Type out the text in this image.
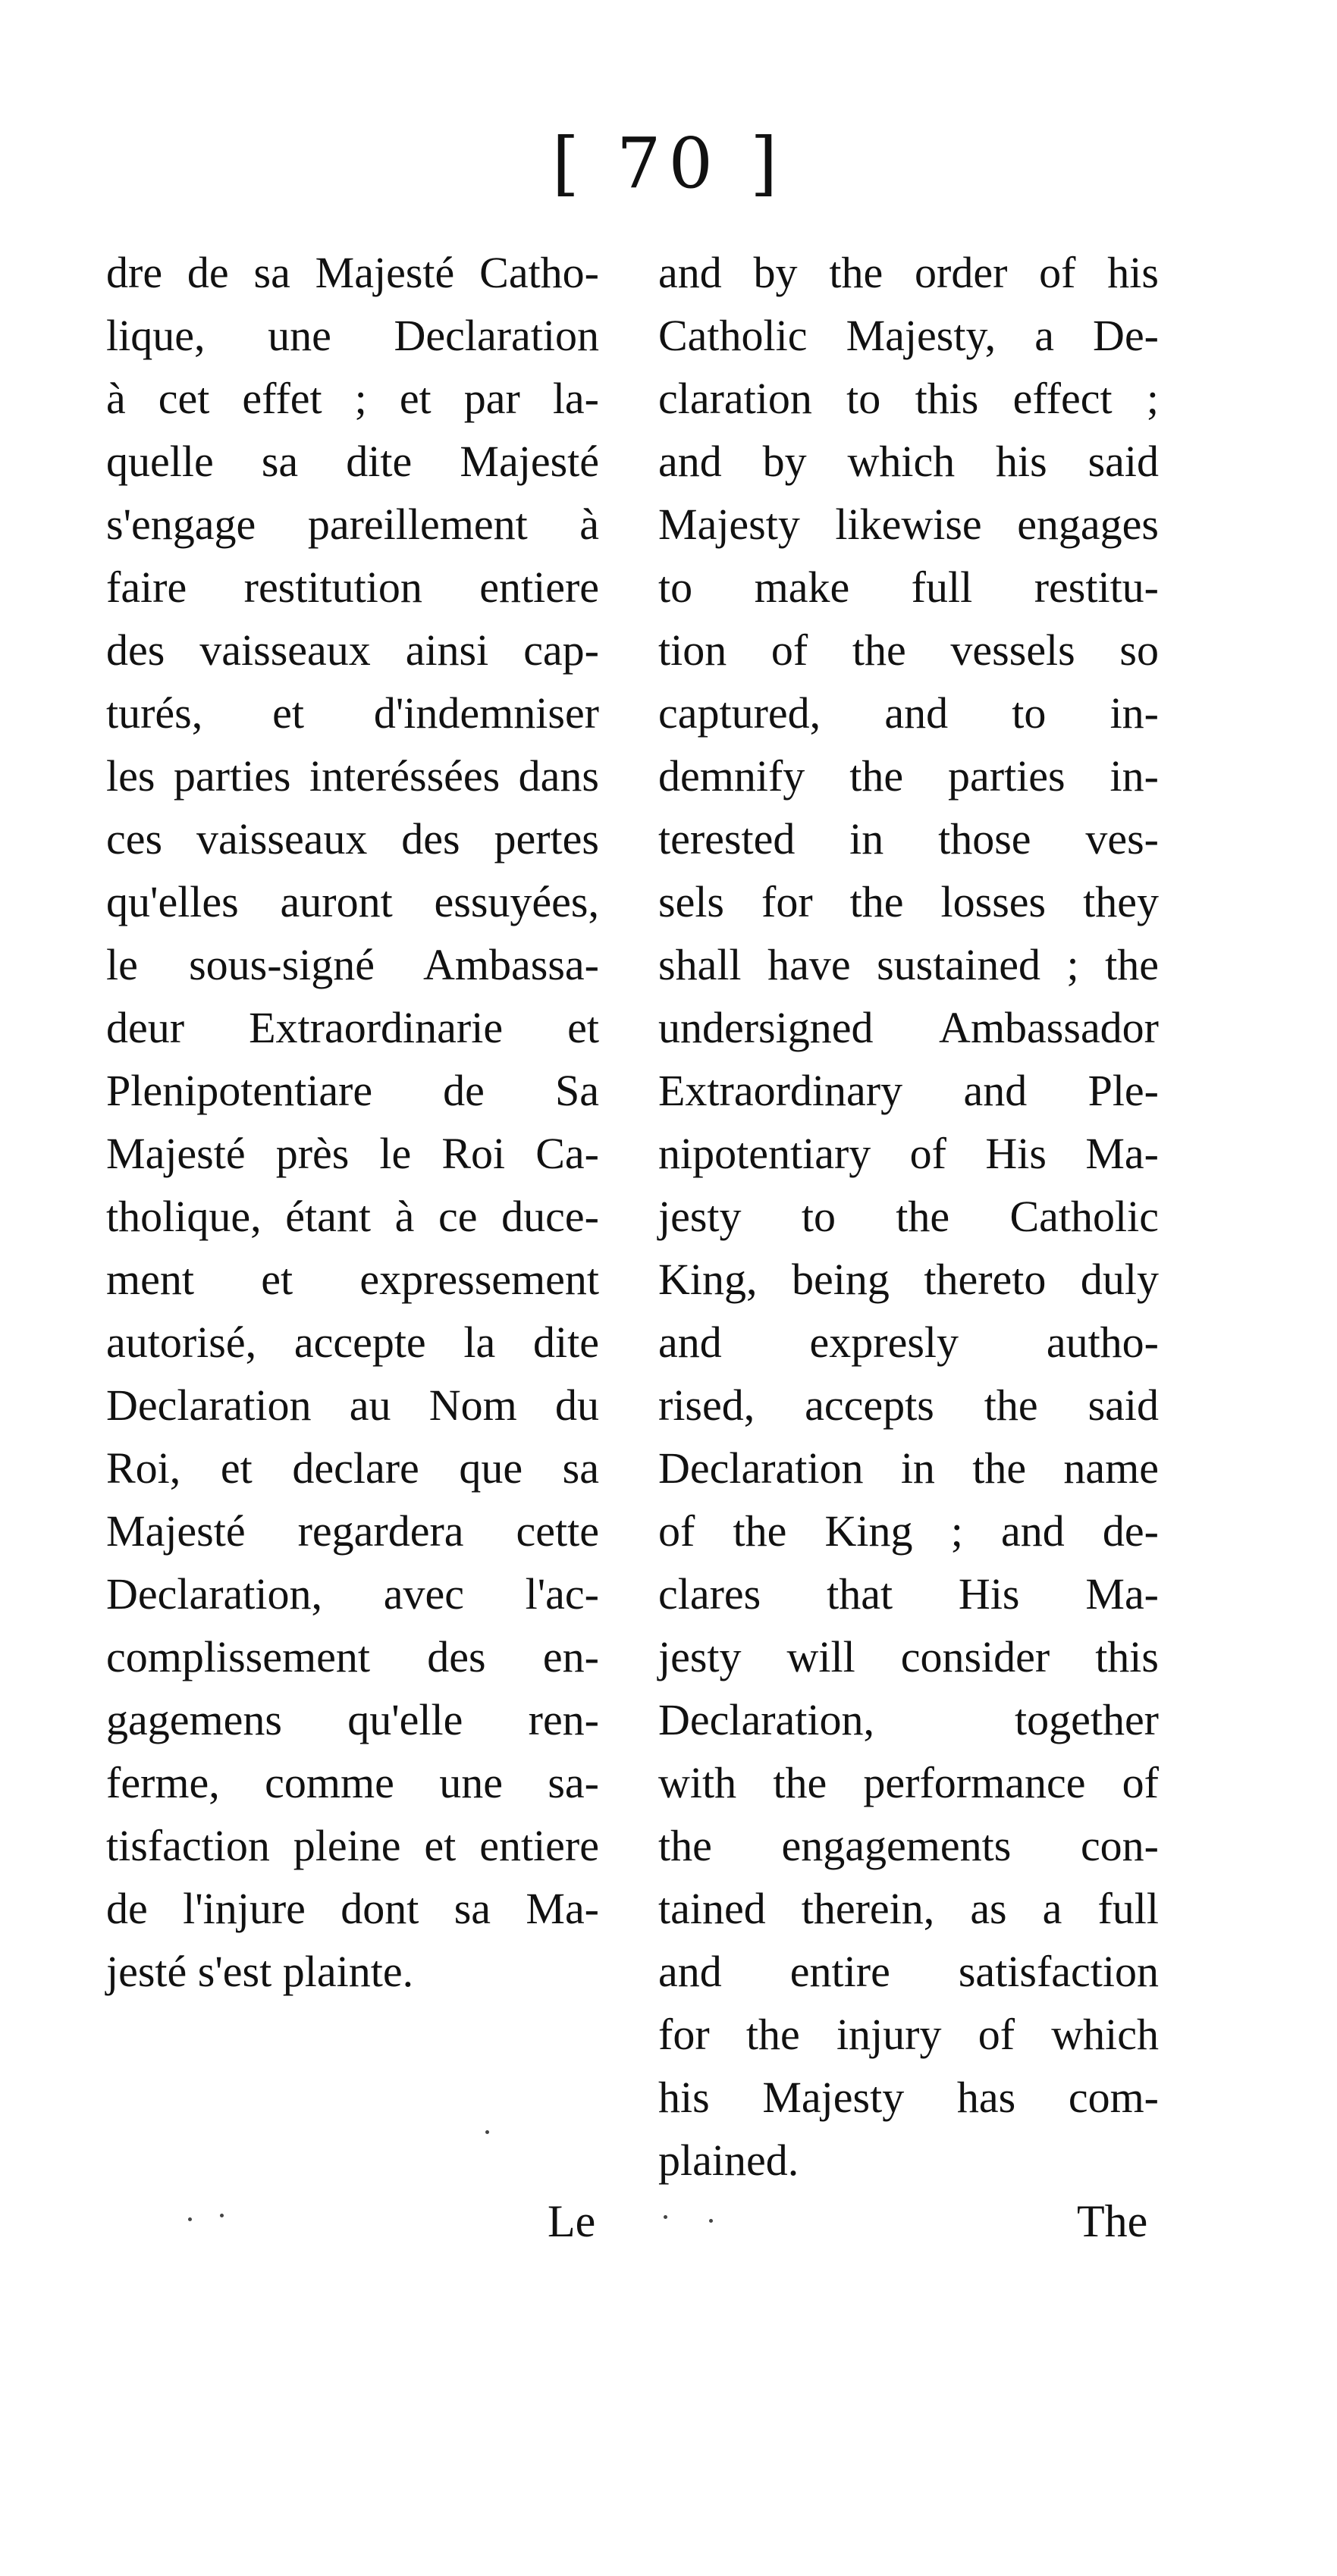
[ 70 ]
dre de sa Majesté Catho-
lique, une Declaration
à cet effet ; et par la-
quelle sa dite Majesté
s'engage pareillement à
faire restitution entiere
des vaisseaux ainsi cap-
turés, et d'indemniser
les parties interéssées dans
ces vaisseaux des pertes
qu'elles auront essuyées,
le sous-signé Ambassa-
deur Extraordinarie et
Plenipotentiare de Sa
Majesté près le Roi Ca-
tholique, étant à ce duce-
ment et expressement
autorisé, accepte la dite
Declaration au Nom du
Roi, et declare que sa
Majesté regardera cette
Declaration, avec l'ac-
complissement des en-
gagemens qu'elle ren-
ferme, comme une sa-
tisfaction pleine et entiere
de l'injure dont sa Ma-
jesté s'est plainte.
and by the order of his
Catholic Majesty, a De-
claration to this effect ;
and by which his said
Majesty likewise engages
to make full restitu-
tion of the vessels so
captured, and to in-
demnify the parties in-
terested in those ves-
sels for the losses they
shall have sustained ; the
undersigned Ambassador
Extraordinary and Ple-
nipotentiary of His Ma-
jesty to the Catholic
King, being thereto duly
and expresly autho-
rised, accepts the said
Declaration in the name
of the King ; and de-
clares that His Ma-
jesty will consider this
Declaration, together
with the performance of
the engagements con-
tained therein, as a full
and entire satisfaction
for the injury of which
his Majesty has com-
plained.
Le	The
